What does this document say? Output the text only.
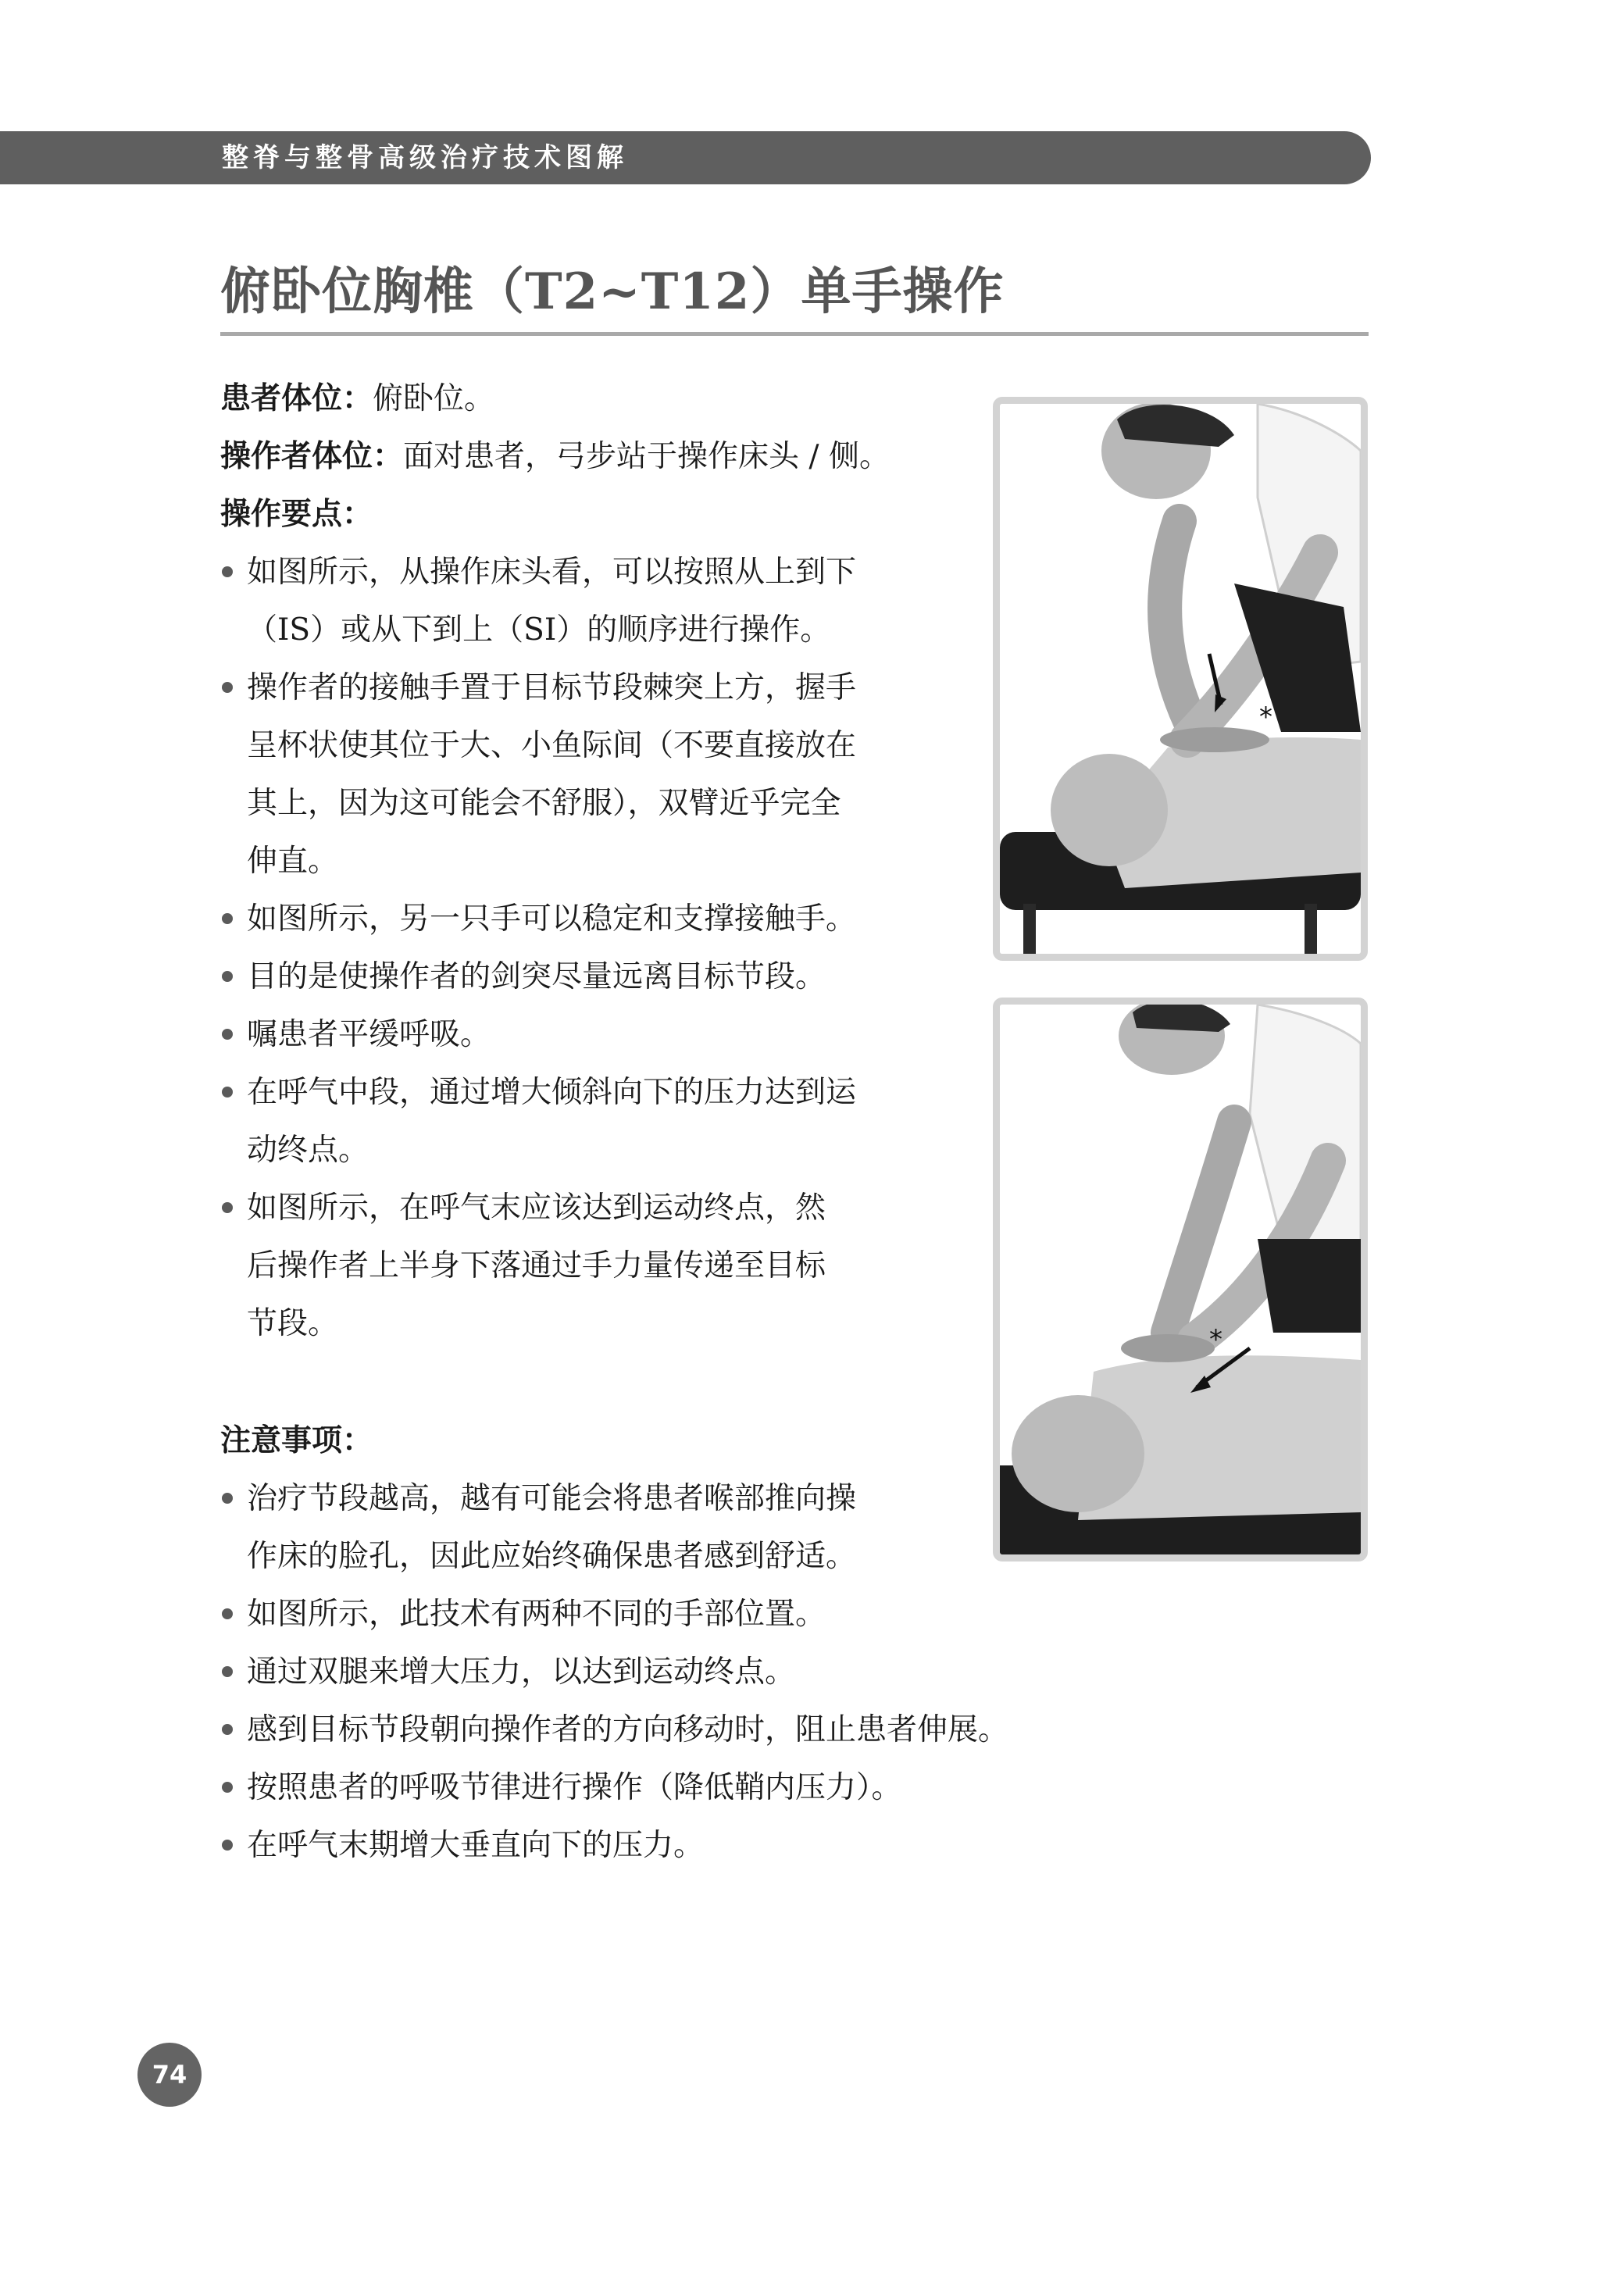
整脊与整骨高级治疗技术图解
俯卧位胸椎（T2~T12）单手操作
患者体位：俯卧位。
操作者体位：面对患者，弓步站于操作床头 / 侧。
操作要点：
如图所示，从操作床头看，可以按照从上到下
（IS）或从下到上（SI）的顺序进行操作。
操作者的接触手置于目标节段棘突上方，握手
呈杯状使其位于大、小鱼际间（不要直接放在
其上，因为这可能会不舒服），双臂近乎完全
伸直。
如图所示，另一只手可以稳定和支撑接触手。
目的是使操作者的剑突尽量远离目标节段。
嘱患者平缓呼吸。
在呼气中段，通过增大倾斜向下的压力达到运
动终点。
如图所示，在呼气末应该达到运动终点，然
后操作者上半身下落通过手力量传递至目标
节段。
注意事项：
治疗节段越高，越有可能会将患者喉部推向操
作床的脸孔，因此应始终确保患者感到舒适。
如图所示，此技术有两种不同的手部位置。
通过双腿来增大压力，以达到运动终点。
感到目标节段朝向操作者的方向移动时，阻止患者伸展。
按照患者的呼吸节律进行操作（降低鞘内压力）。
在呼气末期增大垂直向下的压力。
*
*
74
